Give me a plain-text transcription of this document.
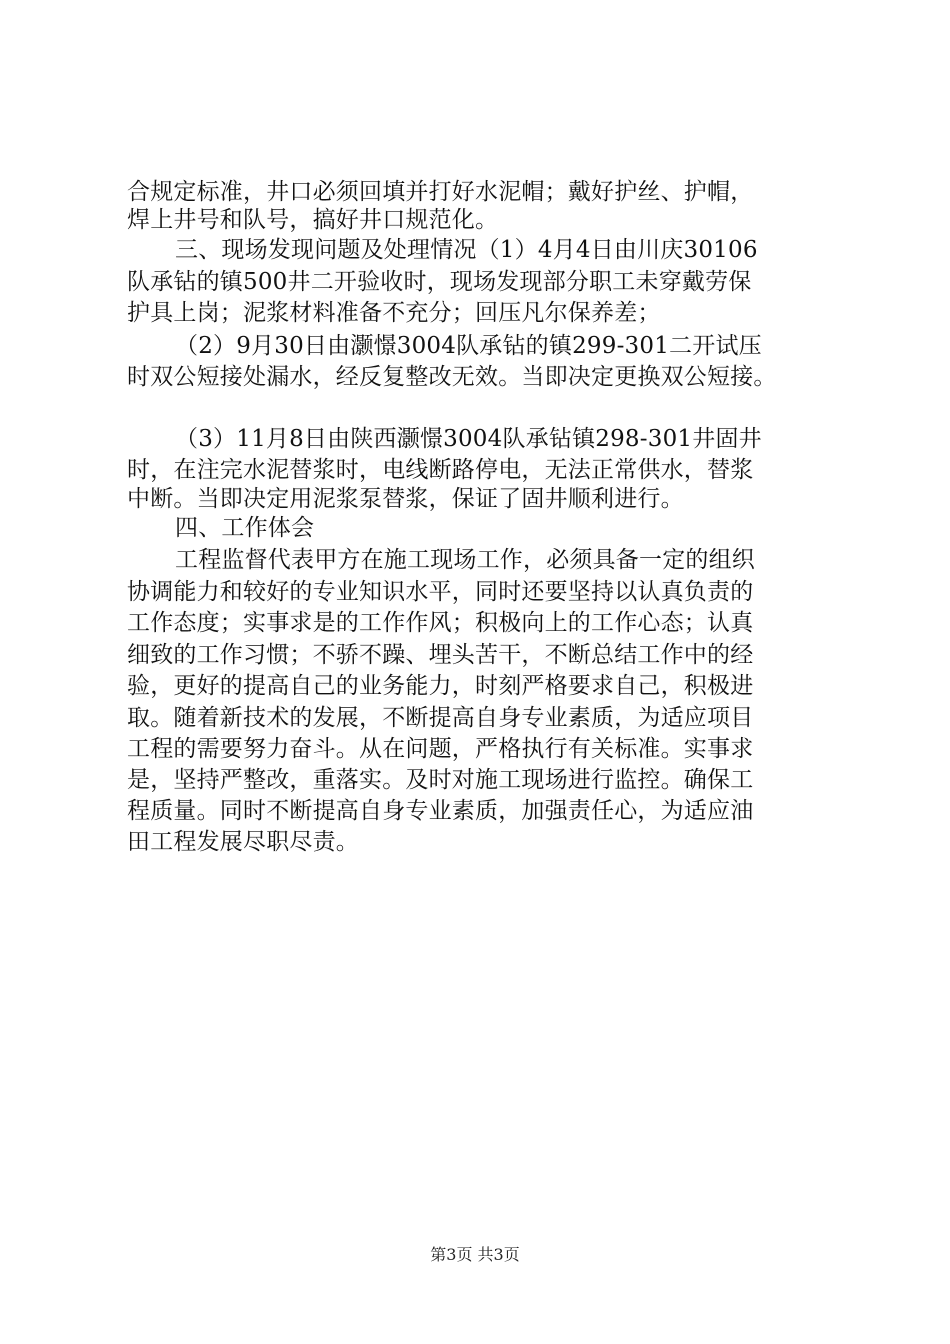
合规定标准，井口必须回填并打好水泥帽；戴好护丝、护帽，
焊上井号和队号，搞好井口规范化。
三、现场发现问题及处理情况（1）4月4日由川庆30106
队承钻的镇500井二开验收时，现场发现部分职工未穿戴劳保
护具上岗；泥浆材料准备不充分；回压凡尔保养差；
（2）9月30日由灏憬3004队承钻的镇299-301二开试压
时双公短接处漏水，经反复整改无效。当即决定更换双公短接。
（3）11月8日由陕西灏憬3004队承钻镇298-301井固井
时，在注完水泥替浆时，电线断路停电，无法正常供水，替浆
中断。当即决定用泥浆泵替浆，保证了固井顺利进行。
四、工作体会
工程监督代表甲方在施工现场工作，必须具备一定的组织
协调能力和较好的专业知识水平，同时还要坚持以认真负责的
工作态度；实事求是的工作作风；积极向上的工作心态；认真
细致的工作习惯；不骄不躁、埋头苦干，不断总结工作中的经
验，更好的提高自己的业务能力，时刻严格要求自己，积极进
取。随着新技术的发展，不断提高自身专业素质，为适应项目
工程的需要努力奋斗。从在问题，严格执行有关标准。实事求
是，坚持严整改，重落实。及时对施工现场进行监控。确保工
程质量。同时不断提高自身专业素质，加强责任心，为适应油
田工程发展尽职尽责。
第3页 共3页
